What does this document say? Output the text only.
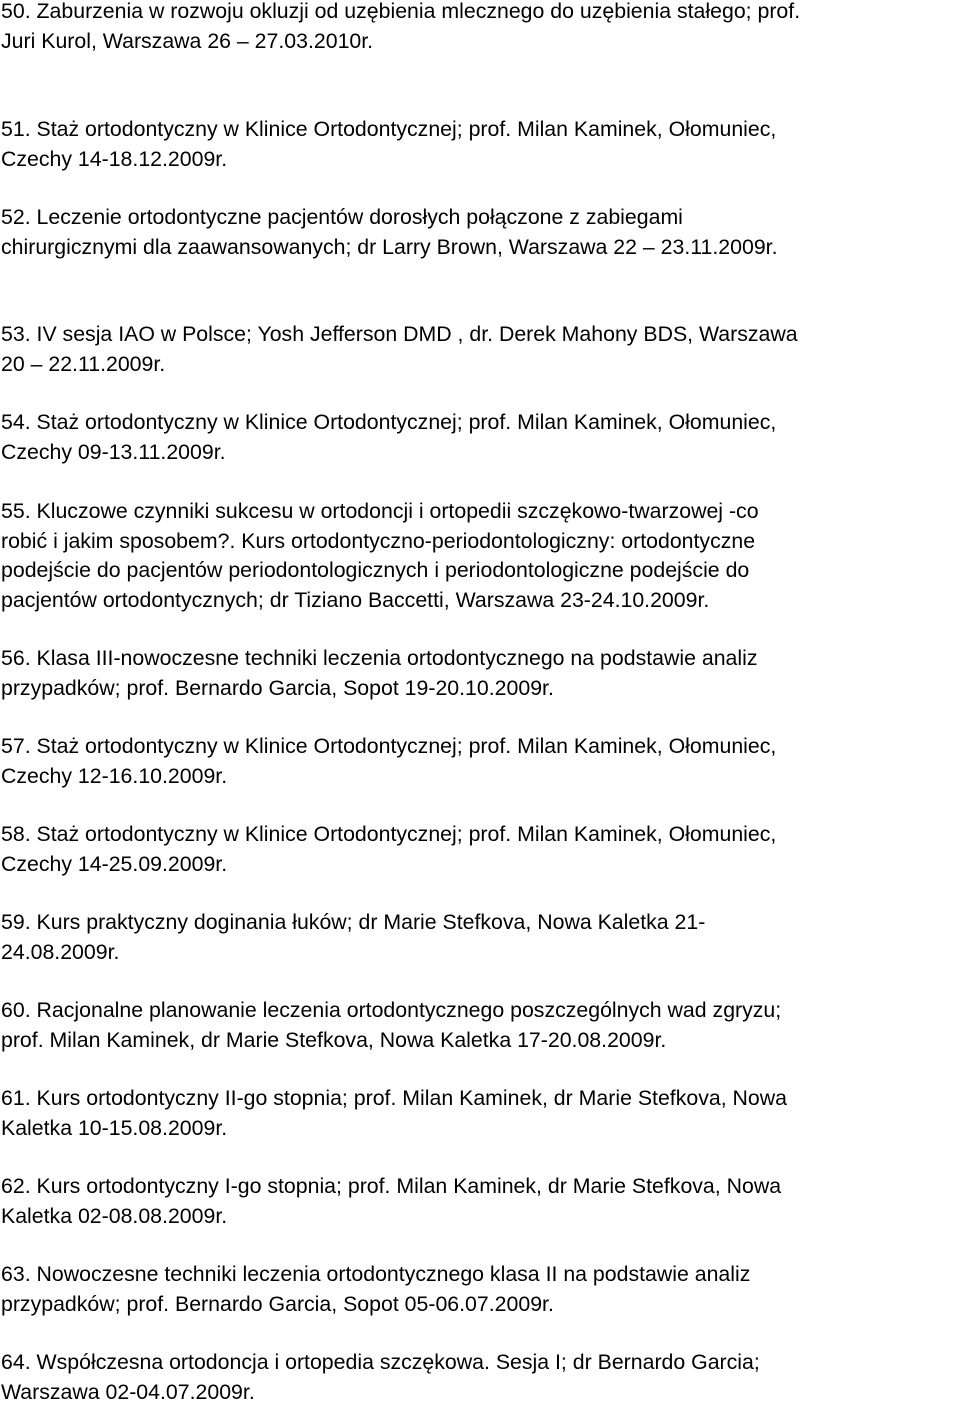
50. Zaburzenia w rozwoju okluzji od uzębienia mlecznego do uzębienia stałego; prof.
Juri Kurol, Warszawa 26 – 27.03.2010r.

51. Staż ortodontyczny w Klinice Ortodontycznej; prof. Milan Kaminek, Ołomuniec,
Czechy 14-18.12.2009r.

52. Leczenie ortodontyczne pacjentów dorosłych połączone z zabiegami
chirurgicznymi dla zaawansowanych; dr Larry Brown, Warszawa 22 – 23.11.2009r.

53. IV sesja IAO w Polsce; Yosh Jefferson DMD , dr. Derek Mahony BDS, Warszawa
20 – 22.11.2009r.

54. Staż ortodontyczny w Klinice Ortodontycznej; prof. Milan Kaminek, Ołomuniec,
Czechy 09-13.11.2009r.

55. Kluczowe czynniki sukcesu w ortodoncji i ortopedii szczękowo-twarzowej -co
robić i jakim sposobem?. Kurs ortodontyczno-periodontologiczny: ortodontyczne
podejście do pacjentów periodontologicznych i periodontologiczne podejście do
pacjentów ortodontycznych; dr Tiziano Baccetti, Warszawa 23-24.10.2009r.

56. Klasa III-nowoczesne techniki leczenia ortodontycznego na podstawie analiz
przypadków; prof. Bernardo Garcia, Sopot 19-20.10.2009r.

57. Staż ortodontyczny w Klinice Ortodontycznej; prof. Milan Kaminek, Ołomuniec,
Czechy 12-16.10.2009r.

58. Staż ortodontyczny w Klinice Ortodontycznej; prof. Milan Kaminek, Ołomuniec,
Czechy 14-25.09.2009r.

59. Kurs praktyczny doginania łuków; dr Marie Stefkova, Nowa Kaletka 21-
24.08.2009r.

60. Racjonalne planowanie leczenia ortodontycznego poszczególnych wad zgryzu;
prof. Milan Kaminek, dr Marie Stefkova, Nowa Kaletka 17-20.08.2009r.

61. Kurs ortodontyczny II-go stopnia; prof. Milan Kaminek, dr Marie Stefkova, Nowa
Kaletka 10-15.08.2009r.

62. Kurs ortodontyczny I-go stopnia; prof. Milan Kaminek, dr Marie Stefkova, Nowa
Kaletka 02-08.08.2009r.

63. Nowoczesne techniki leczenia ortodontycznego klasa II na podstawie analiz
przypadków; prof. Bernardo Garcia, Sopot 05-06.07.2009r.

64. Współczesna ortodoncja i ortopedia szczękowa. Sesja I; dr Bernardo Garcia;
Warszawa 02-04.07.2009r.
